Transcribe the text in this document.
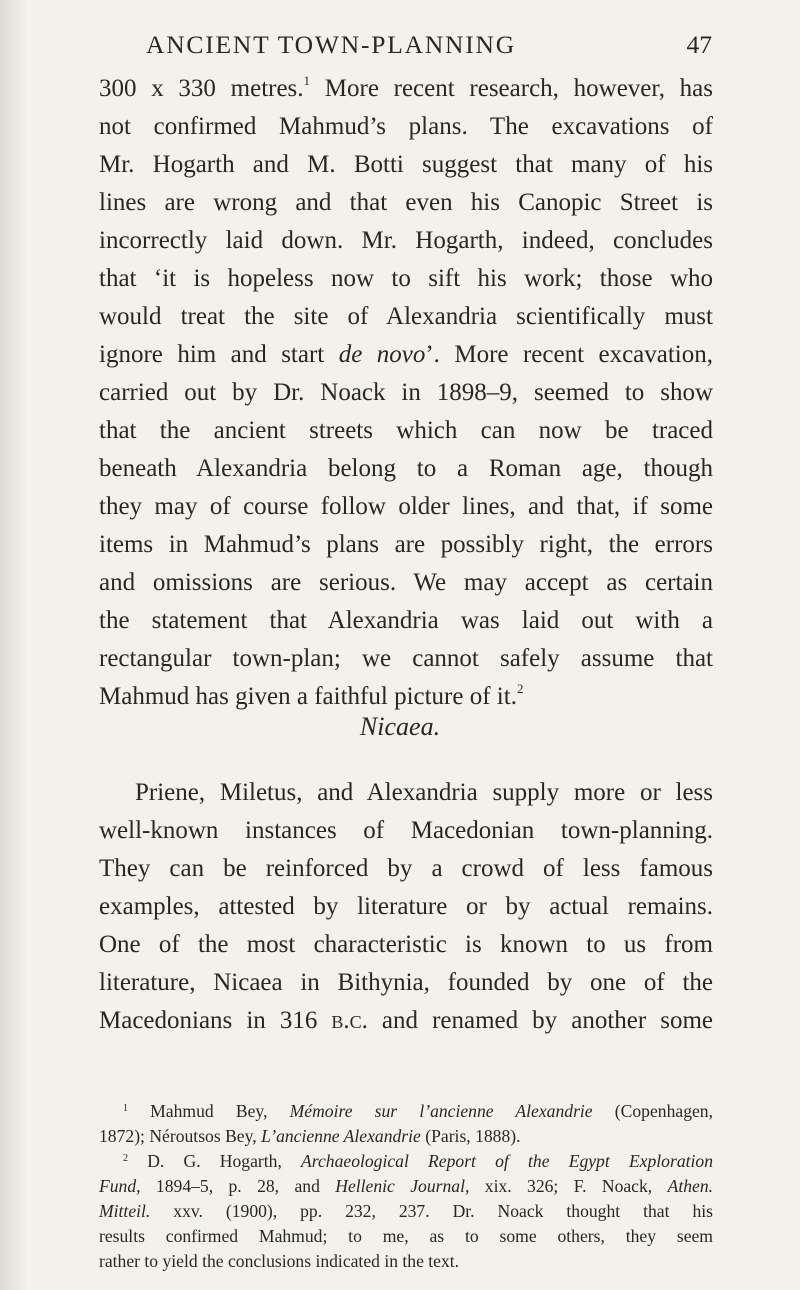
ANCIENT TOWN-PLANNING	47
300 x 330 metres.$^1$ More recent research, however, has
not confirmed Mahmud’s plans. The excavations of
Mr. Hogarth and M. Botti suggest that many of his
lines are wrong and that even his Canopic Street is
incorrectly laid down. Mr. Hogarth, indeed, concludes
that ‘it is hopeless now to sift his work; those who
would treat the site of Alexandria scientifically must
ignore him and start de novo’. More recent excavation,
carried out by Dr. Noack in 1898–9, seemed to show
that the ancient streets which can now be traced
beneath Alexandria belong to a Roman age, though
they may of course follow older lines, and that, if some
items in Mahmud’s plans are possibly right, the errors
and omissions are serious. We may accept as certain
the statement that Alexandria was laid out with a
rectangular town-plan; we cannot safely assume that
Mahmud has given a faithful picture of it.$^2$
Nicaea.
Priene, Miletus, and Alexandria supply more or less
well-known instances of Macedonian town-planning.
They can be reinforced by a crowd of less famous
examples, attested by literature or by actual remains.
One of the most characteristic is known to us from
literature, Nicaea in Bithynia, founded by one of the
Macedonians in 316 b.c. and renamed by another some
$^1$ Mahmud Bey, Mémoire sur l’ancienne Alexandrie (Copenhagen,
1872); Néroutsos Bey, L’ancienne Alexandrie (Paris, 1888).
$^2$ D. G. Hogarth, Archaeological Report of the Egypt Exploration
Fund, 1894–5, p. 28, and Hellenic Journal, xix. 326; F. Noack, Athen.
Mitteil. xxv. (1900), pp. 232, 237. Dr. Noack thought that his
results confirmed Mahmud; to me, as to some others, they seem
rather to yield the conclusions indicated in the text.
